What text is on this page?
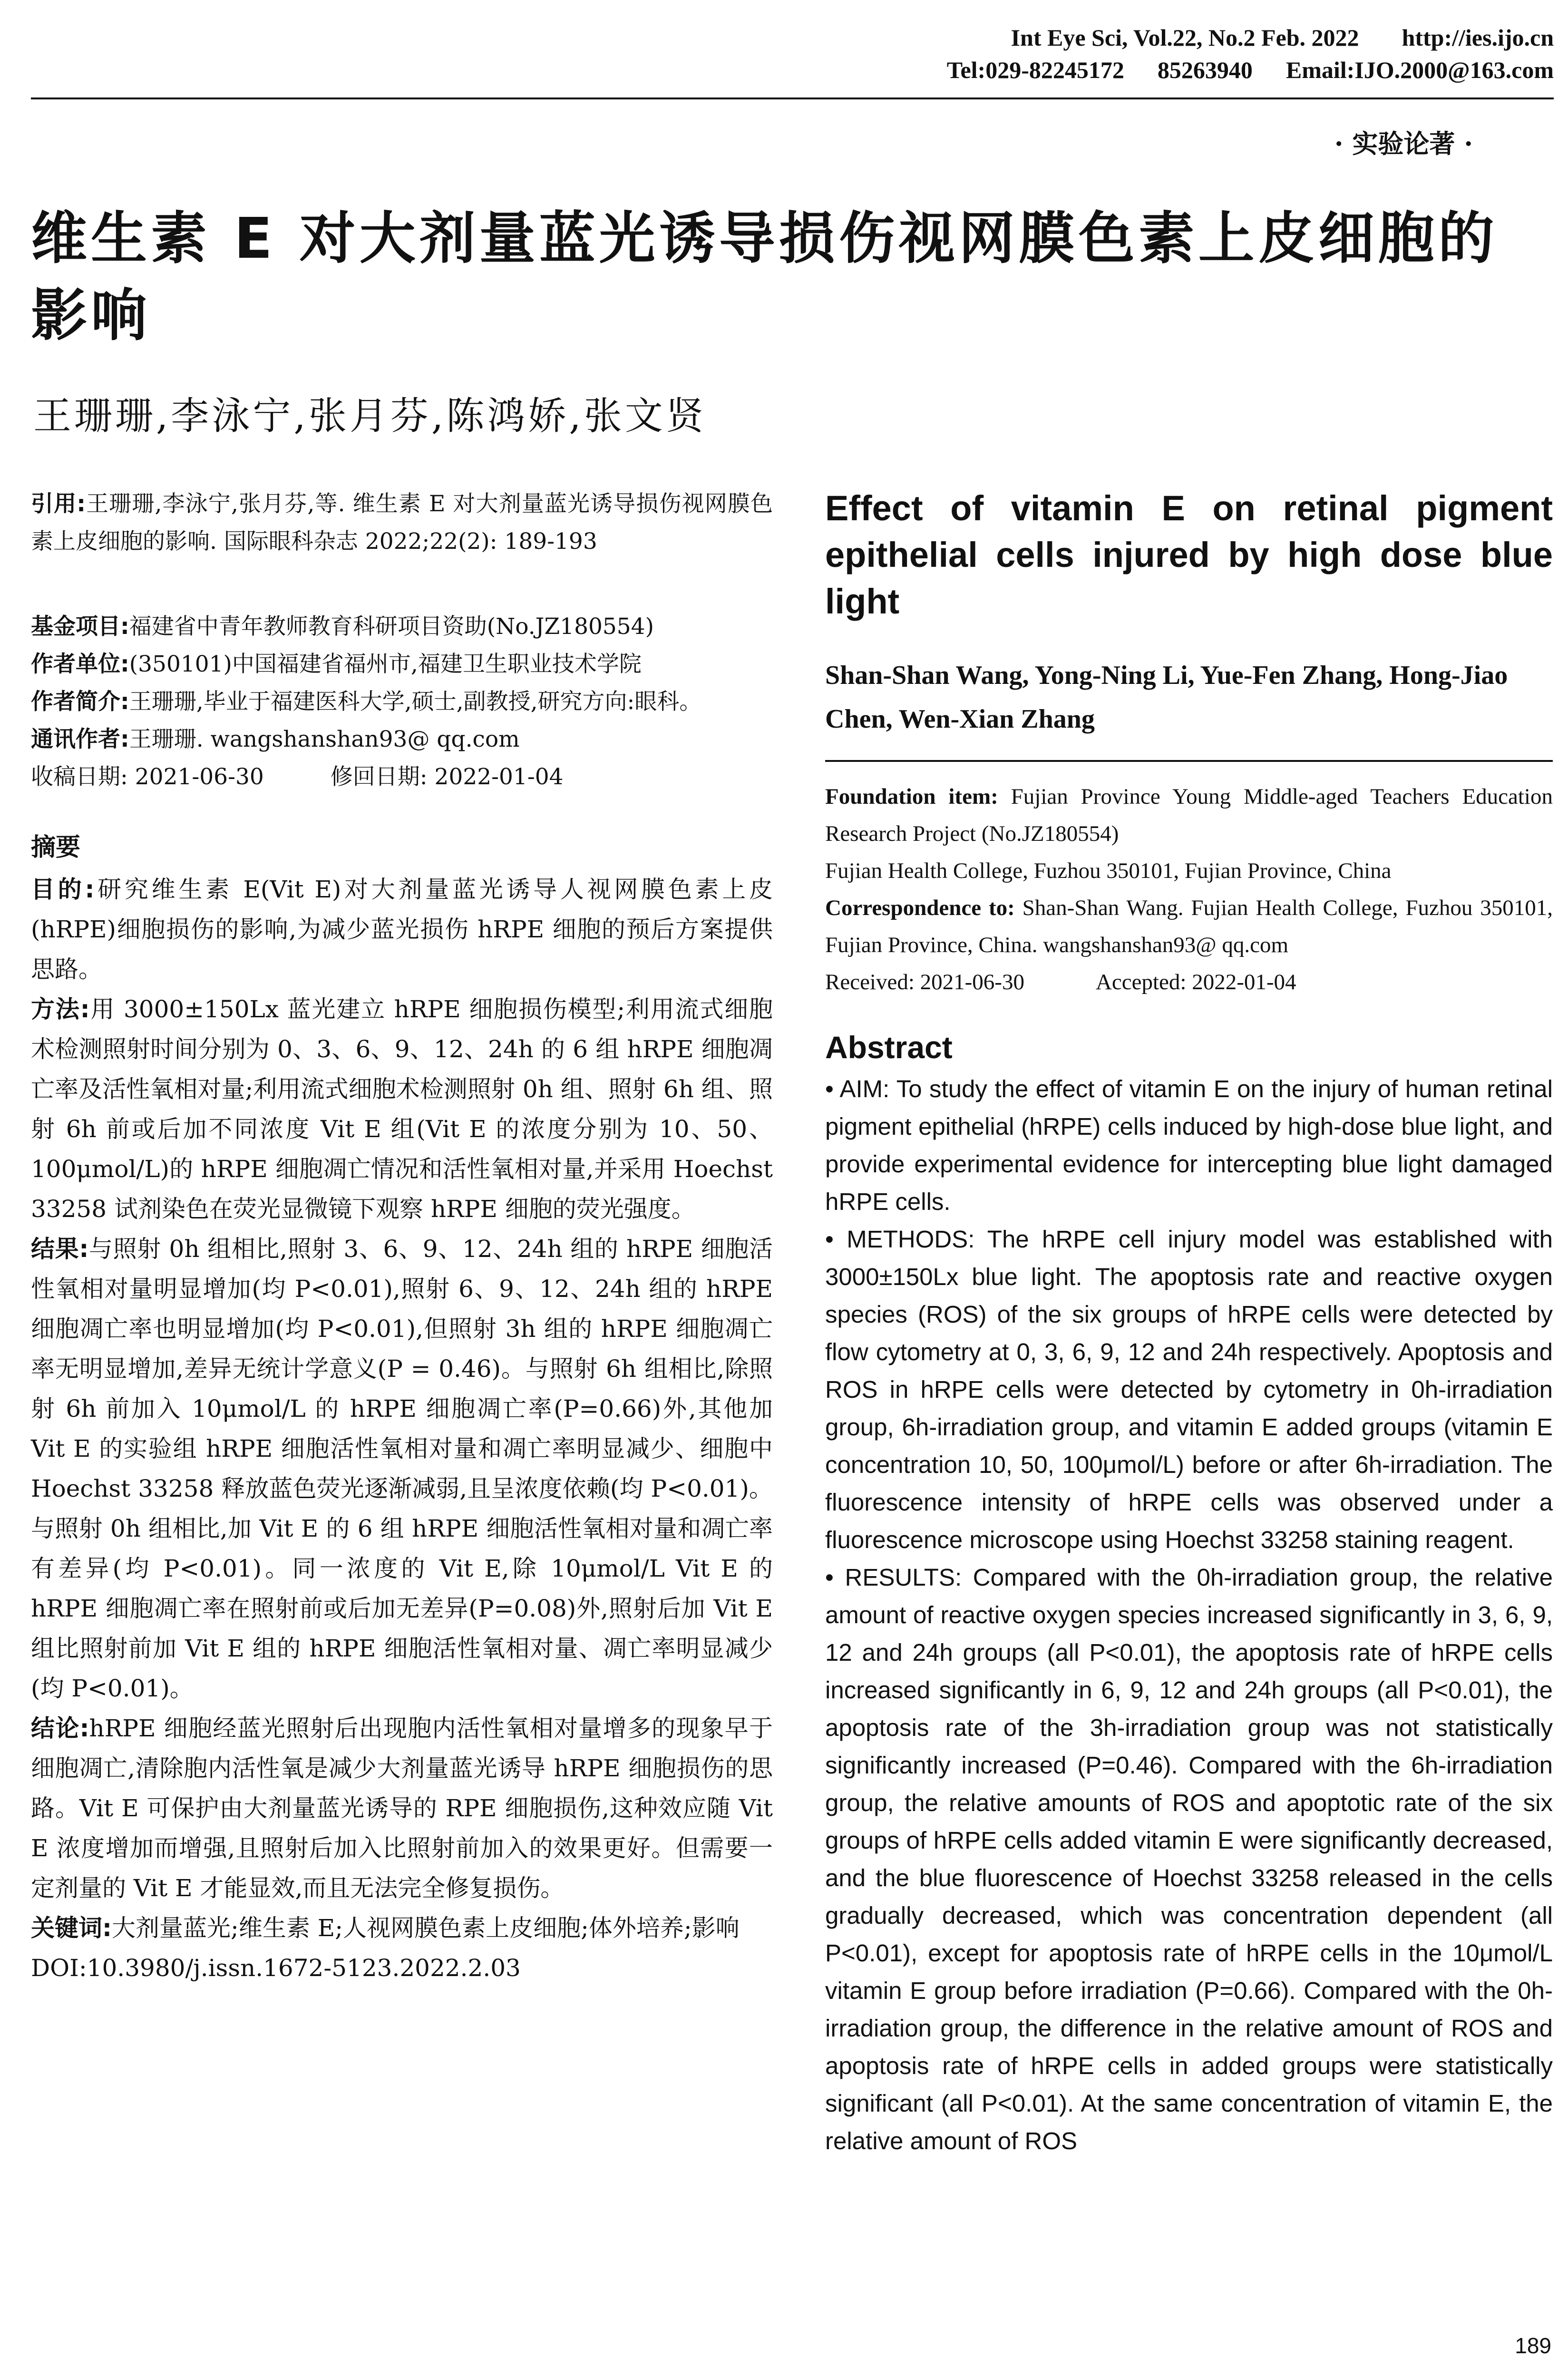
Int Eye Sci, Vol.22, No.2 Feb. 2022 http://ies.ijo.cn
Tel:029-82245172 85263940 Email:IJO.2000@163.com
· 实验论著 ·
维生素 E 对大剂量蓝光诱导损伤视网膜色素上皮细胞的
影响
王珊珊,李泳宁,张月芬,陈鸿娇,张文贤

引用:王珊珊,李泳宁,张月芬,等. 维生素 E 对大剂量蓝光诱导损伤视网膜色素上皮细胞的影响. 国际眼科杂志 2022;22(2): 189-193

基金项目:福建省中青年教师教育科研项目资助(No.JZ180554)

作者单位:(350101)中国福建省福州市,福建卫生职业技术学院

作者简介:王珊珊,毕业于福建医科大学,硕士,副教授,研究方向:眼科。

通讯作者:王珊珊. wangshanshan93@ qq.com

收稿日期: 2021-06-30	修回日期: 2022-01-04
摘要

目的:研究维生素 E(Vit E)对大剂量蓝光诱导人视网膜色素上皮(hRPE)细胞损伤的影响,为减少蓝光损伤 hRPE 细胞的预后方案提供思路。

方法:用 3000±150Lx 蓝光建立 hRPE 细胞损伤模型;利用流式细胞术检测照射时间分别为 0、3、6、9、12、24h 的 6 组 hRPE 细胞凋亡率及活性氧相对量;利用流式细胞术检测照射 0h 组、照射 6h 组、照射 6h 前或后加不同浓度 Vit E 组(Vit E 的浓度分别为 10、50、100μmol/L)的 hRPE 细胞凋亡情况和活性氧相对量,并采用 Hoechst 33258 试剂染色在荧光显微镜下观察 hRPE 细胞的荧光强度。

结果:与照射 0h 组相比,照射 3、6、9、12、24h 组的 hRPE 细胞活性氧相对量明显增加(均 P<0.01),照射 6、9、12、24h 组的 hRPE 细胞凋亡率也明显增加(均 P<0.01),但照射 3h 组的 hRPE 细胞凋亡率无明显增加,差异无统计学意义(P = 0.46)。与照射 6h 组相比,除照射 6h 前加入 10μmol/L 的 hRPE 细胞凋亡率(P=0.66)外,其他加 Vit E 的实验组 hRPE 细胞活性氧相对量和凋亡率明显减少、细胞中 Hoechst 33258 释放蓝色荧光逐渐减弱,且呈浓度依赖(均 P<0.01)。与照射 0h 组相比,加 Vit E 的 6 组 hRPE 细胞活性氧相对量和凋亡率有差异(均 P<0.01)。同一浓度的 Vit E,除 10μmol/L Vit E 的 hRPE 细胞凋亡率在照射前或后加无差异(P=0.08)外,照射后加 Vit E 组比照射前加 Vit E 组的 hRPE 细胞活性氧相对量、凋亡率明显减少(均 P<0.01)。

结论:hRPE 细胞经蓝光照射后出现胞内活性氧相对量增多的现象早于细胞凋亡,清除胞内活性氧是减少大剂量蓝光诱导 hRPE 细胞损伤的思路。Vit E 可保护由大剂量蓝光诱导的 RPE 细胞损伤,这种效应随 Vit E 浓度增加而增强,且照射后加入比照射前加入的效果更好。但需要一定剂量的 Vit E 才能显效,而且无法完全修复损伤。

关键词:大剂量蓝光;维生素 E;人视网膜色素上皮细胞;体外培养;影响

DOI:10.3980/j.issn.1672-5123.2022.2.03

Effect of vitamin E on retinal pigment epithelial cells injured by high dose blue light

Shan-Shan Wang, Yong-Ning Li, Yue-Fen Zhang, Hong-Jiao Chen, Wen-Xian Zhang

Foundation item: Fujian Province Young Middle-aged Teachers Education Research Project (No.JZ180554)

Fujian Health College, Fuzhou 350101, Fujian Province, China

Correspondence to: Shan-Shan Wang. Fujian Health College, Fuzhou 350101, Fujian Province, China. wangshanshan93@ qq.com

Received: 2021-06-30	Accepted: 2022-01-04
Abstract

• AIM: To study the effect of vitamin E on the injury of human retinal pigment epithelial (hRPE) cells induced by high-dose blue light, and provide experimental evidence for intercepting blue light damaged hRPE cells.

• METHODS: The hRPE cell injury model was established with 3000±150Lx blue light. The apoptosis rate and reactive oxygen species (ROS) of the six groups of hRPE cells were detected by flow cytometry at 0, 3, 6, 9, 12 and 24h respectively. Apoptosis and ROS in hRPE cells were detected by cytometry in 0h-irradiation group, 6h-irradiation group, and vitamin E added groups (vitamin E concentration 10, 50, 100μmol/L) before or after 6h-irradiation. The fluorescence intensity of hRPE cells was observed under a fluorescence microscope using Hoechst 33258 staining reagent.

• RESULTS: Compared with the 0h-irradiation group, the relative amount of reactive oxygen species increased significantly in 3, 6, 9, 12 and 24h groups (all P<0.01), the apoptosis rate of hRPE cells increased significantly in 6, 9, 12 and 24h groups (all P<0.01), the apoptosis rate of the 3h-irradiation group was not statistically significantly increased (P=0.46). Compared with the 6h-irradiation group, the relative amounts of ROS and apoptotic rate of the six groups of hRPE cells added vitamin E were significantly decreased, and the blue fluorescence of Hoechst 33258 released in the cells gradually decreased, which was concentration dependent (all P<0.01), except for apoptosis rate of hRPE cells in the 10μmol/L vitamin E group before irradiation (P=0.66). Compared with the 0h-irradiation group, the difference in the relative amount of ROS and apoptosis rate of hRPE cells in added groups were statistically significant (all P<0.01). At the same concentration of vitamin E, the relative amount of ROS

189
